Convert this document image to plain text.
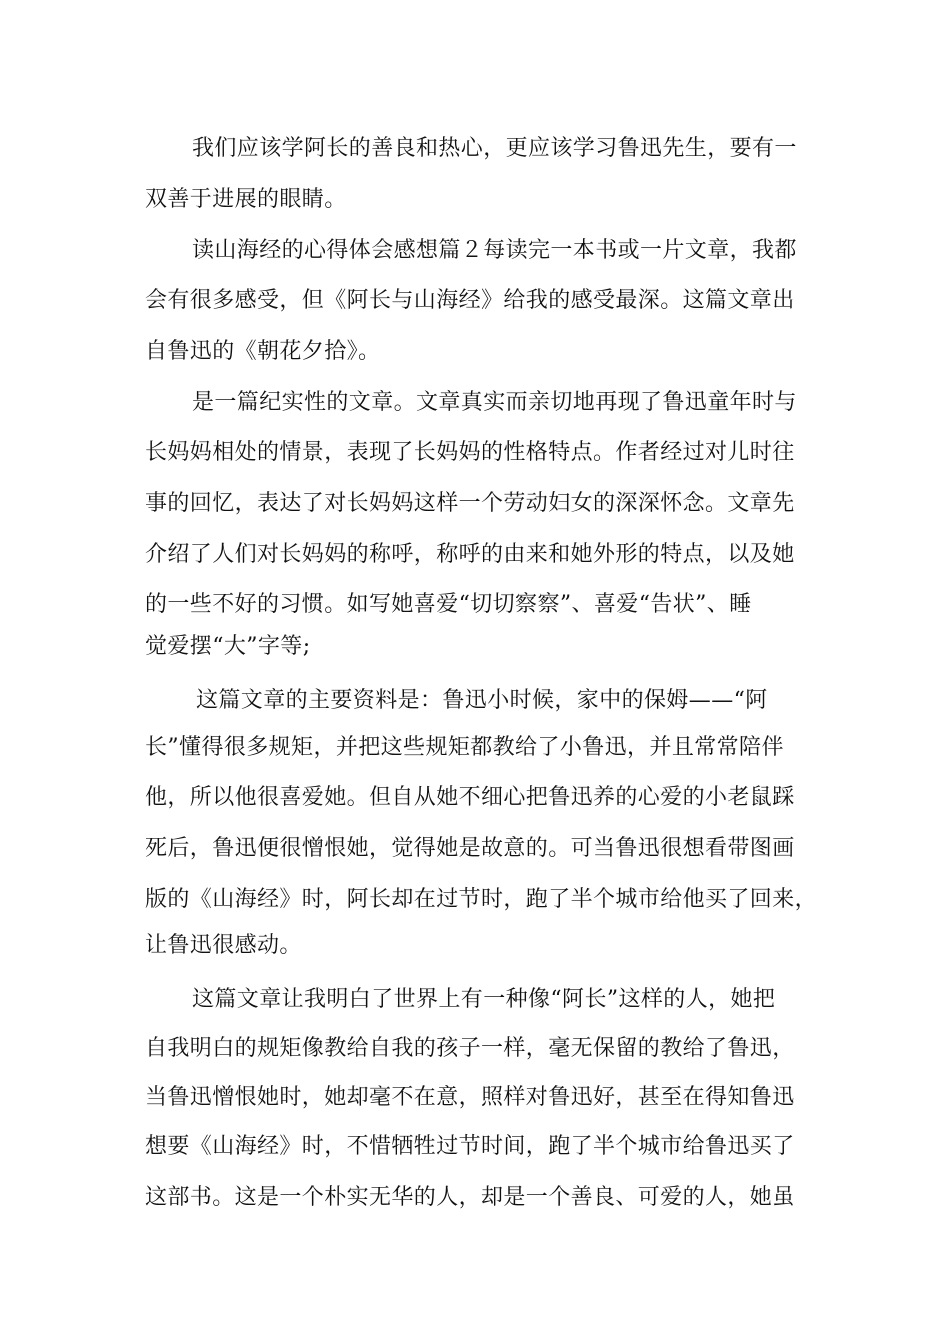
我们应该学阿长的善良和热心，更应该学习鲁迅先生，要有一
双善于进展的眼睛。
读山海经的心得体会感想篇２每读完一本书或一片文章，我都
会有很多感受，但《阿长与山海经》给我的感受最深。这篇文章出
自鲁迅的《朝花夕拾》。
是一篇纪实性的文章。文章真实而亲切地再现了鲁迅童年时与
长妈妈相处的情景，表现了长妈妈的性格特点。作者经过对儿时往
事的回忆，表达了对长妈妈这样一个劳动妇女的深深怀念。文章先
介绍了人们对长妈妈的称呼，称呼的由来和她外形的特点，以及她
的一些不好的习惯。如写她喜爱“切切察察”、喜爱“告状”、睡
觉爱摆“大”字等;
这篇文章的主要资料是：鲁迅小时候，家中的保姆——“阿
长”懂得很多规矩，并把这些规矩都教给了小鲁迅，并且常常陪伴
他，所以他很喜爱她。但自从她不细心把鲁迅养的心爱的小老鼠踩
死后，鲁迅便很憎恨她，觉得她是故意的。可当鲁迅很想看带图画
版的《山海经》时，阿长却在过节时，跑了半个城市给他买了回来，
让鲁迅很感动。
这篇文章让我明白了世界上有一种像“阿长”这样的人，她把
自我明白的规矩像教给自我的孩子一样，毫无保留的教给了鲁迅，
当鲁迅憎恨她时，她却毫不在意，照样对鲁迅好，甚至在得知鲁迅
想要《山海经》时，不惜牺牲过节时间，跑了半个城市给鲁迅买了
这部书。这是一个朴实无华的人，却是一个善良、可爱的人，她虽
